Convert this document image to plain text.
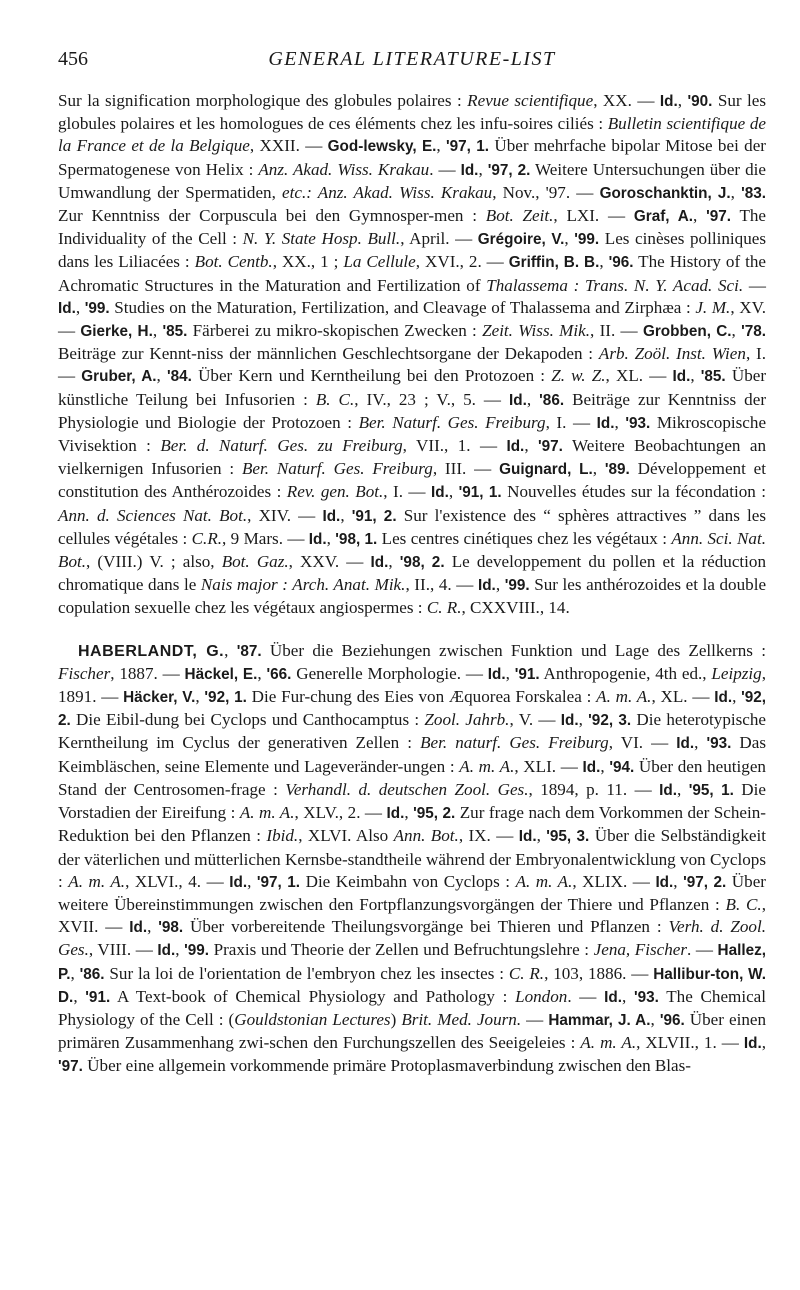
456	GENERAL LITERATURE-LIST

Sur la signification morphologique des globules polaires : Revue scientifique, XX. — Id., '90. Sur les globules polaires et les homologues de ces éléments chez les infu-soires ciliés : Bulletin scientifique de la France et de la Belgique, XXII. — God-lewsky, E., '97, 1. Über mehrfache bipolar Mitose bei der Spermatogenese von Helix : Anz. Akad. Wiss. Krakau. — Id., '97, 2. Weitere Untersuchungen über die Umwandlung der Spermatiden, etc.: Anz. Akad. Wiss. Krakau, Nov., '97. — Goroschanktin, J., '83. Zur Kenntniss der Corpuscula bei den Gymnosper-men : Bot. Zeit., LXI. — Graf, A., '97. The Individuality of the Cell : N. Y. State Hosp. Bull., April. — Grégoire, V., '99. Les cinèses polliniques dans les Liliacées : Bot. Centb., XX., 1 ; La Cellule, XVI., 2. — Griffin, B. B., '96. The History of the Achromatic Structures in the Maturation and Fertilization of Thalassema : Trans. N. Y. Acad. Sci. — Id., '99. Studies on the Maturation, Fertilization, and Cleavage of Thalassema and Zirphæa : J. M., XV. — Gierke, H., '85. Färberei zu mikro-skopischen Zwecken : Zeit. Wiss. Mik., II. — Grobben, C., '78. Beiträge zur Kennt-niss der männlichen Geschlechtsorgane der Dekapoden : Arb. Zoöl. Inst. Wien, I. — Gruber, A., '84. Über Kern und Kerntheilung bei den Protozoen : Z. w. Z., XL. — Id., '85. Über künstliche Teilung bei Infusorien : B. C., IV., 23 ; V., 5. — Id., '86. Beiträge zur Kenntniss der Physiologie und Biologie der Protozoen : Ber. Naturf. Ges. Freiburg, I. — Id., '93. Mikroscopische Vivisektion : Ber. d. Naturf. Ges. zu Freiburg, VII., 1. — Id., '97. Weitere Beobachtungen an vielkernigen Infusorien : Ber. Naturf. Ges. Freiburg, III. — Guignard, L., '89. Développement et constitution des Anthérozoides : Rev. gen. Bot., I. — Id., '91, 1. Nouvelles études sur la fécondation : Ann. d. Sciences Nat. Bot., XIV. — Id., '91, 2. Sur l'existence des “ sphères attractives ” dans les cellules végétales : C.R., 9 Mars. — Id., '98, 1. Les centres cinétiques chez les végétaux : Ann. Sci. Nat. Bot., (VIII.) V. ; also, Bot. Gaz., XXV. — Id., '98, 2. Le developpement du pollen et la réduction chromatique dans le Nais major : Arch. Anat. Mik., II., 4. — Id., '99. Sur les anthérozoides et la double copulation sexuelle chez les végétaux angiospermes : C. R., CXXVIII., 14.

HABERLANDT, G., '87. Über die Beziehungen zwischen Funktion und Lage des Zellkerns : Fischer, 1887. — Häckel, E., '66. Generelle Morphologie. — Id., '91. Anthropogenie, 4th ed., Leipzig, 1891. — Häcker, V., '92, 1. Die Fur-chung des Eies von Æquorea Forskalea : A. m. A., XL. — Id., '92, 2. Die Eibil-dung bei Cyclops und Canthocamptus : Zool. Jahrb., V. — Id., '92, 3. Die heterotypische Kerntheilung im Cyclus der generativen Zellen : Ber. naturf. Ges. Freiburg, VI. — Id., '93. Das Keimbläschen, seine Elemente und Lageveränder-ungen : A. m. A., XLI. — Id., '94. Über den heutigen Stand der Centrosomen-frage : Verhandl. d. deutschen Zool. Ges., 1894, p. 11. — Id., '95, 1. Die Vorstadien der Eireifung : A. m. A., XLV., 2. — Id., '95, 2. Zur frage nach dem Vorkommen der Schein-Reduktion bei den Pflanzen : Ibid., XLVI. Also Ann. Bot., IX. — Id., '95, 3. Über die Selbständigkeit der väterlichen und mütterlichen Kernsbe-standtheile während der Embryonalentwicklung von Cyclops : A. m. A., XLVI., 4. — Id., '97, 1. Die Keimbahn von Cyclops : A. m. A., XLIX. — Id., '97, 2. Über weitere Übereinstimmungen zwischen den Fortpflanzungsvorgängen der Thiere und Pflanzen : B. C., XVII. — Id., '98. Über vorbereitende Theilungsvorgänge bei Thieren und Pflanzen : Verh. d. Zool. Ges., VIII. — Id., '99. Praxis und Theorie der Zellen und Befruchtungslehre : Jena, Fischer. — Hallez, P., '86. Sur la loi de l'orientation de l'embryon chez les insectes : C. R., 103, 1886. — Hallibur-ton, W. D., '91. A Text-book of Chemical Physiology and Pathology : London. — Id., '93. The Chemical Physiology of the Cell : (Gouldstonian Lectures) Brit. Med. Journ. — Hammar, J. A., '96. Über einen primären Zusammenhang zwi-schen den Furchungszellen des Seeigeleies : A. m. A., XLVII., 1. — Id., '97. Über eine allgemein vorkommende primäre Protoplasmaverbindung zwischen den Blas-
